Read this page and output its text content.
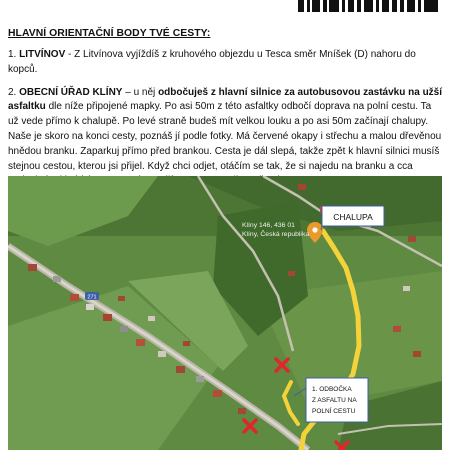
HLAVNÍ ORIENTAČNÍ BODY TVÉ CESTY:

1. LITVÍNOV - Z Litvínova vyjíždíš z kruhového objezdu u Tesca směr Mníšek (D) nahoru do kopců.

2. OBECNÍ ÚŘAD KLÍNY – u něj odbočuješ z hlavní silnice za autobusovou zastávku na užší asfaltku dle níže připojené mapky. Po asi 50m z této asfaltky odbočí doprava na polní cestu. Ta už vede přímo k chalupě. Po levé straně budeš mít velkou louku a po asi 50m začínají chalupy. Naše je skoro na konci cesty, poznáš jí podle fotky. Má červené okapy i střechu a malou dřevěnou hnědou branku. Zaparkuj přímo před brankou. Cesta je dál slepá, takže zpět k hlavní silnici musíš stejnou cestou, kterou jsi přijel. Když chci odjet, otáčím se tak, že si najedu na branku a cca

271
Klíny 146, 436 01
Klíny, Česká republika
CHALUPA
1. ODBOČKA
Z ASFALTU NA
POLNÍ CESTU
